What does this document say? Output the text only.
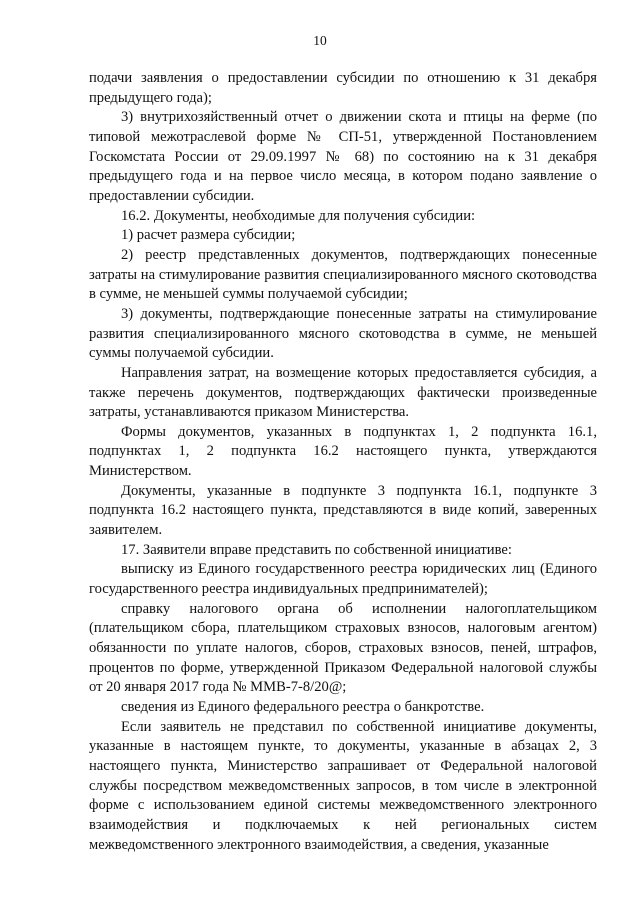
10

подачи заявления о предоставлении субсидии по отношению к 31 декабря предыдущего года);

3) внутрихозяйственный отчет о движении скота и птицы на ферме (по типовой межотраслевой форме № СП-51, утвержденной Постановлением Госкомстата России от 29.09.1997 № 68) по состоянию на к 31 декабря предыдущего года и на первое число месяца, в котором подано заявление о предоставлении субсидии.

16.2. Документы, необходимые для получения субсидии:

1) расчет размера субсидии;

2) реестр представленных документов, подтверждающих понесенные затраты на стимулирование развития специализированного мясного скотоводства в сумме, не меньшей суммы получаемой субсидии;

3) документы, подтверждающие понесенные затраты на стимулирование развития специализированного мясного скотоводства в сумме, не меньшей суммы получаемой субсидии.

Направления затрат, на возмещение которых предоставляется субсидия, а также перечень документов, подтверждающих фактически произведенные затраты, устанавливаются приказом Министерства.

Формы документов, указанных в подпунктах 1, 2 подпункта 16.1, подпунктах 1, 2 подпункта 16.2 настоящего пункта, утверждаются Министерством.

Документы, указанные в подпункте 3 подпункта 16.1, подпункте 3 подпункта 16.2 настоящего пункта, представляются в виде копий, заверенных заявителем.

17. Заявители вправе представить по собственной инициативе:

выписку из Единого государственного реестра юридических лиц (Единого государственного реестра индивидуальных предпринимателей);

справку налогового органа об исполнении налогоплательщиком (плательщиком сбора, плательщиком страховых взносов, налоговым агентом) обязанности по уплате налогов, сборов, страховых взносов, пеней, штрафов, процентов по форме, утвержденной Приказом Федеральной налоговой службы от 20 января 2017 года № ММВ-7-8/20@;

сведения из Единого федерального реестра о банкротстве.

Если заявитель не представил по собственной инициативе документы, указанные в настоящем пункте, то документы, указанные в абзацах 2, 3 настоящего пункта, Министерство запрашивает от Федеральной налоговой службы посредством межведомственных запросов, в том числе в электронной форме с использованием единой системы межведомственного электронного взаимодействия и подключаемых к ней региональных систем межведомственного электронного взаимодействия, а сведения, указанные
